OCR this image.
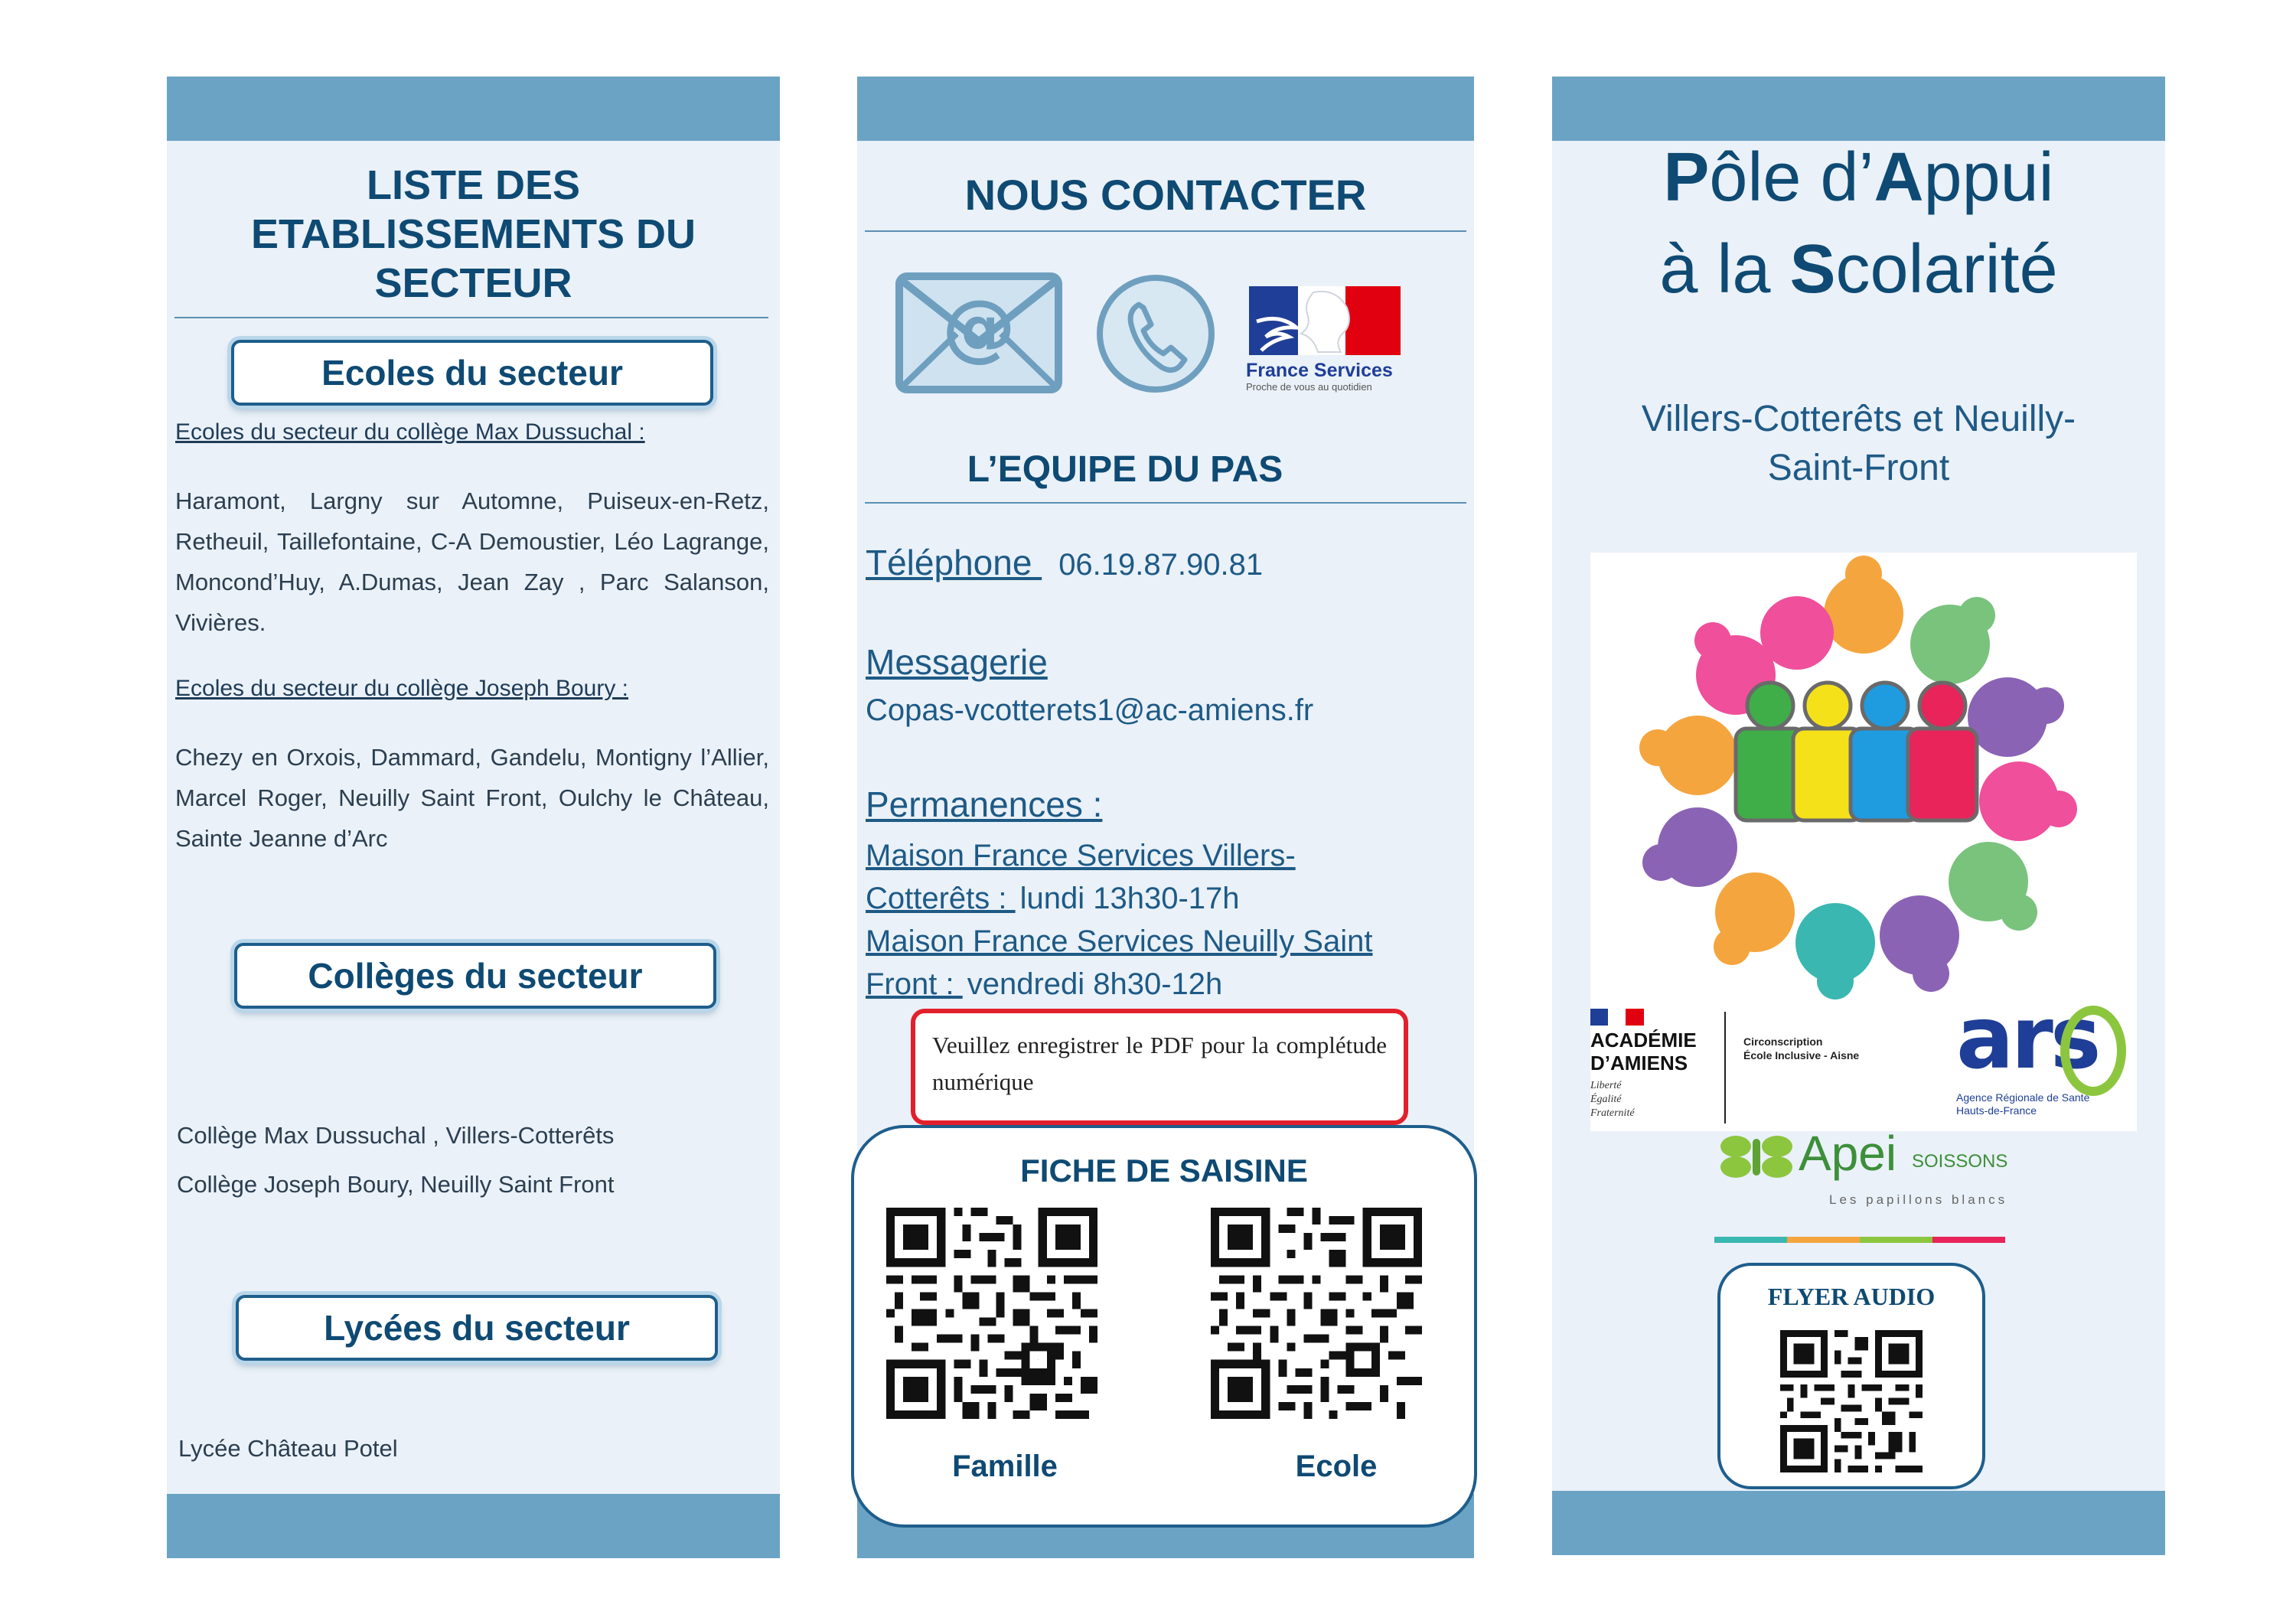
LISTE DES
ETABLISSEMENTS DU
SECTEUR
Ecoles du secteur
Ecoles du secteur du collège Max Dussuchal :
Haramont, Largny sur Automne, Puiseux-en-Retz, Retheuil, Taillefontaine, C-A Demoustier, Léo Lagrange, Moncond’Huy, A.Dumas, Jean Zay , Parc Salanson, Vivières.
Ecoles du secteur du collège Joseph Boury :
Chezy en Orxois, Dammard, Gandelu, Montigny l’Allier, Marcel Roger, Neuilly Saint Front, Oulchy le Château, Sainte Jeanne d’Arc
Collèges du secteur
Collège Max Dussuchal , Villers-Cotterêts
Collège Joseph Boury, Neuilly Saint Front
Lycées du secteur
Lycée Château Potel
NOUS CONTACTER
@
France Services
Proche de vous au quotidien
L’EQUIPE DU PAS
Téléphone 06.19.87.90.81
Messagerie
Copas-vcotterets1@ac-amiens.fr
Permanences :
Maison France Services Villers-
Cotterêts : lundi 13h30-17h
Maison France Services Neuilly Saint
Front : vendredi 8h30-12h
Veuillez enregistrer le PDF pour la complétude numérique
FICHE DE SAISINE
Famille	Ecole
Pôle d’Appui
à la Scolarité
Villers-Cotterêts et Neuilly-
Saint-Front
ACADÉMIE D’AMIENS
Liberté
Égalité
Fraternité
Circonscription
École Inclusive - Aisne ars
Agence Régionale de Santé
Hauts-de-France
Apei SOISSONS
Les papillons blancs
FLYER AUDIO
